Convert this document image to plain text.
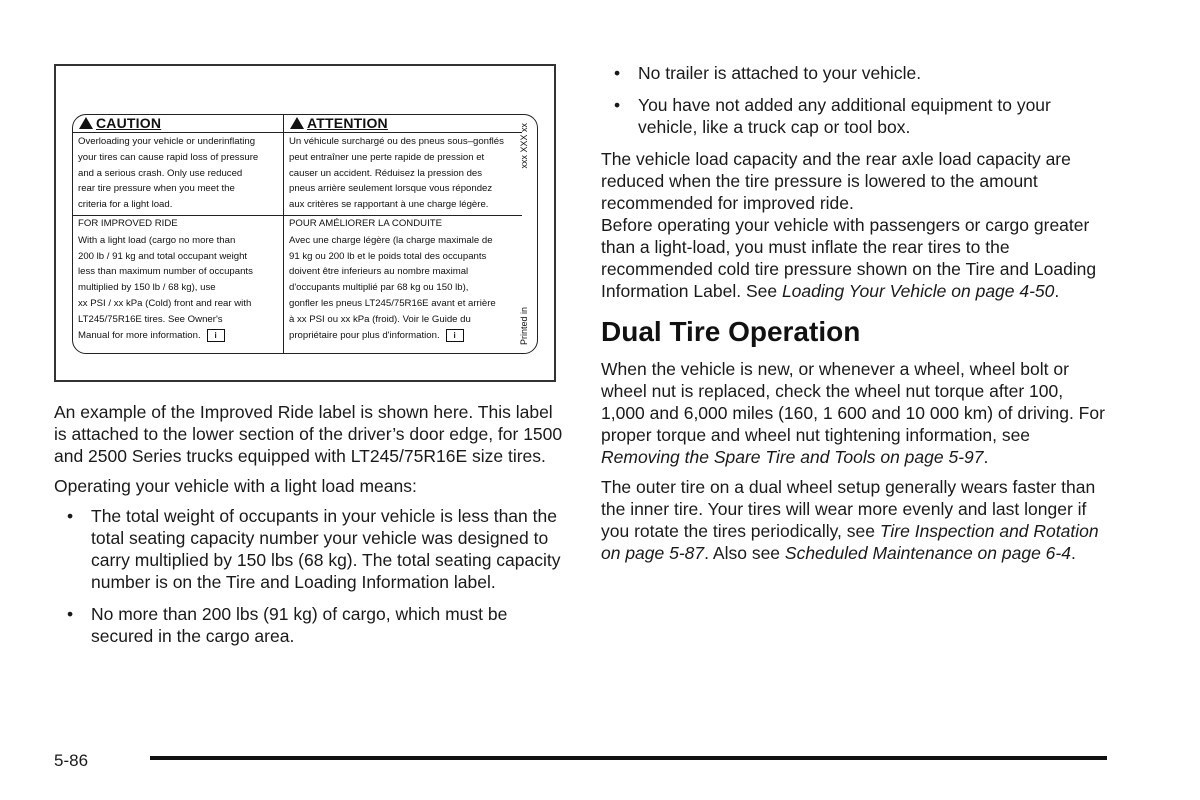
CAUTION
Overloading your vehicle or underinflating
your tires can cause rapid loss of pressure
and a serious crash. Only use reduced
rear tire pressure when you meet the
criteria for a light load.
FOR IMPROVED RIDE
With a light load (cargo no more than
200 lb / 91 kg and total occupant weight
less than maximum number of occupants
multiplied by 150 lb / 68 kg), use
xx PSI / xx kPa (Cold) front and rear with
LT245/75R16E tires. See Owner's
Manual for more information. i
ATTENTION
Un véhicule surchargé ou des pneus sous–gonflés
peut entraîner une perte rapide de pression et
causer un accident. Réduisez la pression des
pneus arrière seulement lorsque vous répondez
aux critères se rapportant à une charge légère.
POUR AMÉLIORER LA CONDUITE
Avec une charge légère (la charge maximale de
91 kg ou 200 lb et le poids total des occupants
doivent être inferieurs au nombre maximal
d'occupants multiplié par 68 kg ou 150 lb),
gonfler les pneus LT245/75R16E avant et arrière
à xx PSI ou xx kPa (froid). Voir le Guide du
propriétaire pour plus d'information. i
xxx XXX xx
Printed in

An example of the Improved Ride label is shown here. This label is attached to the lower section of the driver’s door edge, for 1500 and 2500 Series trucks equipped with LT245/75R16E size tires.

Operating your vehicle with a light load means:

• The total weight of occupants in your vehicle is less than the total seating capacity number your vehicle was designed to carry multiplied by 150 lbs (68 kg). The total seating capacity number is on the Tire and Loading Information label.
• No more than 200 lbs (91 kg) of cargo, which must be secured in the cargo area.
• No trailer is attached to your vehicle.
• You have not added any additional equipment to your vehicle, like a truck cap or tool box.

The vehicle load capacity and the rear axle load capacity are reduced when the tire pressure is lowered to the amount recommended for improved ride.

Before operating your vehicle with passengers or cargo greater than a light-load, you must inflate the rear tires to the recommended cold tire pressure shown on the Tire and Loading Information Label. See Loading Your Vehicle on page 4-50.

Dual Tire Operation

When the vehicle is new, or whenever a wheel, wheel bolt or wheel nut is replaced, check the wheel nut torque after 100, 1,000 and 6,000 miles (160, 1 600 and 10 000 km) of driving. For proper torque and wheel nut tightening information, see Removing the Spare Tire and Tools on page 5-97.

The outer tire on a dual wheel setup generally wears faster than the inner tire. Your tires will wear more evenly and last longer if you rotate the tires periodically, see Tire Inspection and Rotation on page 5-87. Also see Scheduled Maintenance on page 6-4.

5-86
